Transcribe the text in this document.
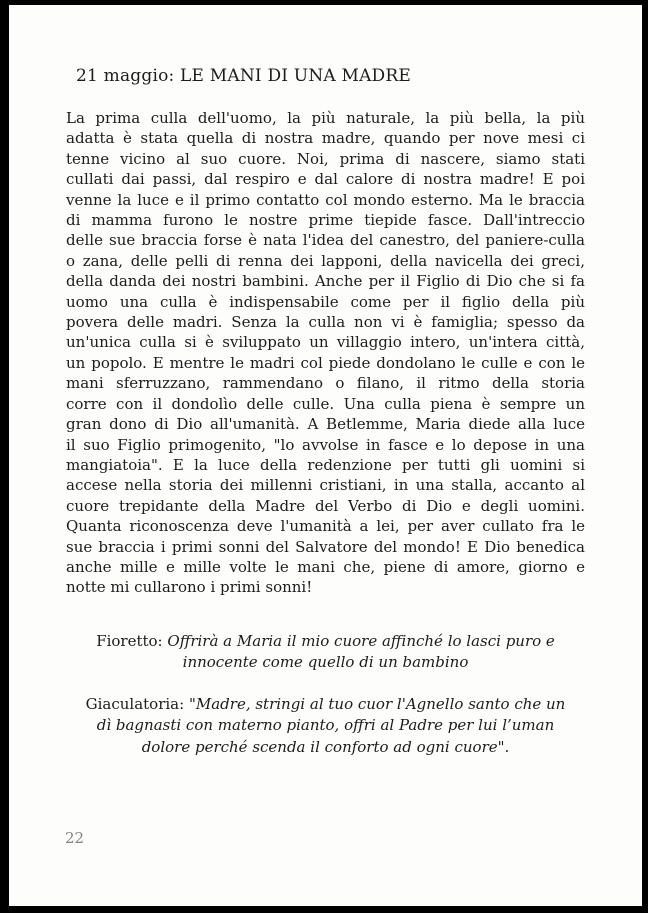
21 maggio: LE MANI DI UNA MADRE
La prima culla dell'uomo, la più naturale, la più bella, la più
adatta è stata quella di nostra madre, quando per nove mesi ci
tenne vicino al suo cuore. Noi, prima di nascere, siamo stati
cullati dai passi, dal respiro e dal calore di nostra madre! E poi
venne la luce e il primo contatto col mondo esterno. Ma le braccia
di mamma furono le nostre prime tiepide fasce. Dall'intreccio
delle sue braccia forse è nata l'idea del canestro, del paniere-culla
o zana, delle pelli di renna dei lapponi, della navicella dei greci,
della danda dei nostri bambini. Anche per il Figlio di Dio che si fa
uomo una culla è indispensabile come per il figlio della più
povera delle madri. Senza la culla non vi è famiglia; spesso da
un'unica culla si è sviluppato un villaggio intero, un'intera città,
un popolo. E mentre le madri col piede dondolano le culle e con le
mani sferruzzano, rammendano o filano, il ritmo della storia
corre con il dondolìo delle culle. Una culla piena è sempre un
gran dono di Dio all'umanità. A Betlemme, Maria diede alla luce
il suo Figlio primogenito, "lo avvolse in fasce e lo depose in una
mangiatoia". E la luce della redenzione per tutti gli uomini si
accese nella storia dei millenni cristiani, in una stalla, accanto al
cuore trepidante della Madre del Verbo di Dio e degli uomini.
Quanta riconoscenza deve l'umanità a lei, per aver cullato fra le
sue braccia i primi sonni del Salvatore del mondo! E Dio benedica
anche mille e mille volte le mani che, piene di amore, giorno e
notte mi cullarono i primi sonni!
Fioretto: Offrirà a Maria il mio cuore affinché lo lasci puro e
innocente come quello di un bambino
Giaculatoria: "Madre, stringi al tuo cuor l'Agnello santo che un
dì bagnasti con materno pianto, offri al Padre per lui l’uman
dolore perché scenda il conforto ad ogni cuore".
22
